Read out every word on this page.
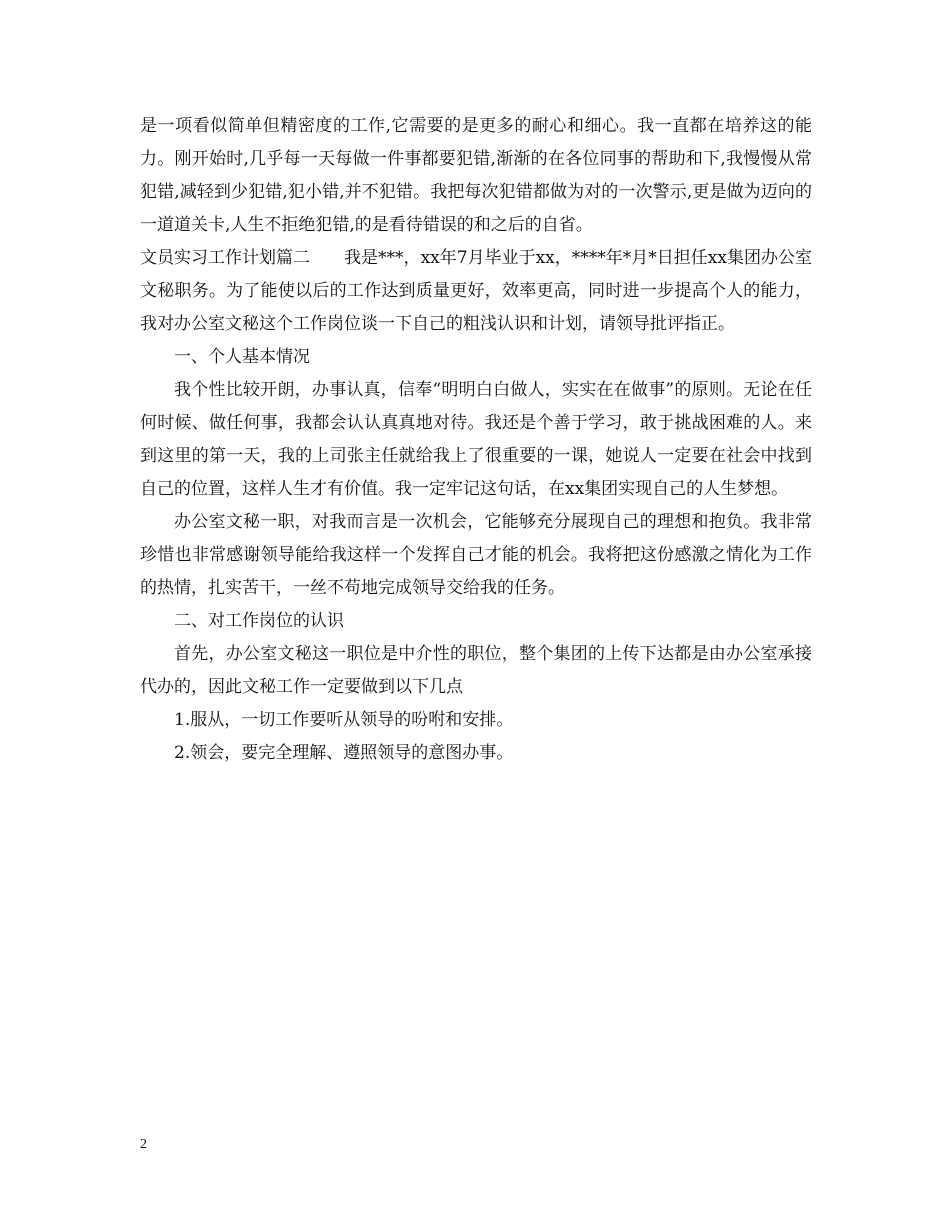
是一项看似简单但精密度的工作,它需要的是更多的耐心和细心。我一直都在培养这的能力。刚开始时,几乎每一天每做一件事都要犯错,渐渐的在各位同事的帮助和下,我慢慢从常犯错,减轻到少犯错,犯小错,并不犯错。我把每次犯错都做为对的一次警示,更是做为迈向的一道道关卡,人生不拒绝犯错,的是看待错误的和之后的自省。

文员实习工作计划篇二　　我是***，xx年7月毕业于xx，****年*月*日担任xx集团办公室文秘职务。为了能使以后的工作达到质量更好，效率更高，同时进一步提高个人的能力，我对办公室文秘这个工作岗位谈一下自己的粗浅认识和计划，请领导批评指正。

一、个人基本情况

我个性比较开朗，办事认真，信奉“明明白白做人，实实在在做事”的原则。无论在任何时候、做任何事，我都会认认真真地对待。我还是个善于学习，敢于挑战困难的人。来到这里的第一天，我的上司张主任就给我上了很重要的一课，她说人一定要在社会中找到自己的位置，这样人生才有价值。我一定牢记这句话，在xx集团实现自己的人生梦想。

办公室文秘一职，对我而言是一次机会，它能够充分展现自己的理想和抱负。我非常珍惜也非常感谢领导能给我这样一个发挥自己才能的机会。我将把这份感激之情化为工作的热情，扎实苦干，一丝不苟地完成领导交给我的任务。

二、对工作岗位的认识

首先，办公室文秘这一职位是中介性的职位，整个集团的上传下达都是由办公室承接代办的，因此文秘工作一定要做到以下几点

1.服从，一切工作要听从领导的吩咐和安排。

2.领会，要完全理解、遵照领导的意图办事。

2
